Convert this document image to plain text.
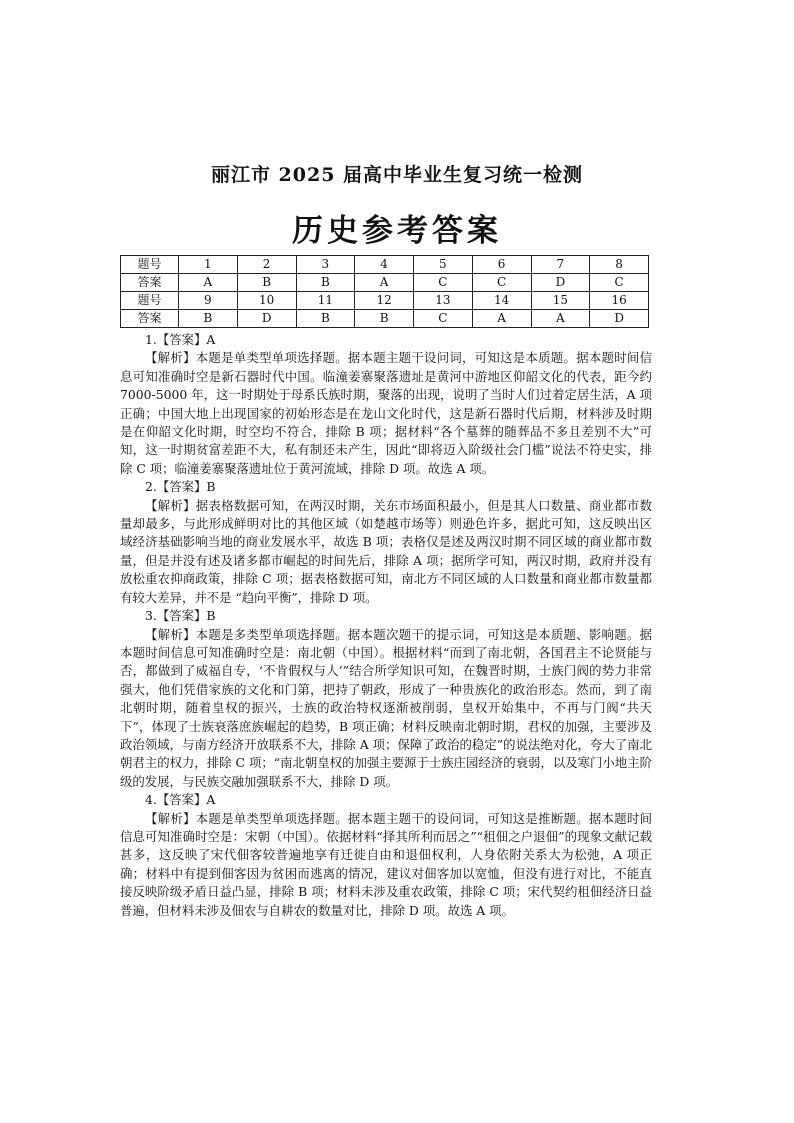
丽江市 2025 届高中毕业生复习统一检测
历史参考答案
题号	1	2	3	4	5	6	7	8
答案	A	B	B	A	C	C	D	C
题号	9	10	11	12	13	14	15	16
答案	B	D	B	B	C	A	A	D

1.【答案】A

【解析】本题是单类型单项选择题。据本题主题干设问词，可知这是本质题。据本题时间信息可知准确时空是新石器时代中国。临潼姜寨聚落遗址是黄河中游地区仰韶文化的代表，距今约 7000-5000 年，这一时期处于母系氏族时期，聚落的出现，说明了当时人们过着定居生活，A 项正确；中国大地上出现国家的初始形态是在龙山文化时代，这是新石器时代后期，材料涉及时期是在仰韶文化时期，时空均不符合，排除 B 项；据材料“各个墓葬的随葬品不多且差别不大”可知，这一时期贫富差距不大，私有制还未产生，因此“即将迈入阶级社会门槛”说法不符史实，排除 C 项；临潼姜寨聚落遗址位于黄河流域，排除 D 项。故选 A 项。

2.【答案】B

【解析】据表格数据可知，在两汉时期，关东市场面积最小，但是其人口数量、商业都市数量却最多，与此形成鲜明对比的其他区域（如楚越市场等）则逊色许多，据此可知，这反映出区域经济基础影响当地的商业发展水平，故选 B 项；表格仅是述及两汉时期不同区域的商业都市数量，但是并没有述及诸多都市崛起的时间先后，排除 A 项；据所学可知，两汉时期，政府并没有放松重农抑商政策，排除 C 项；据表格数据可知，南北方不同区域的人口数量和商业都市数量都有较大差异，并不是 “趋向平衡”，排除 D 项。

3.【答案】B

【解析】本题是多类型单项选择题。据本题次题干的提示词，可知这是本质题、影响题。据本题时间信息可知准确时空是：南北朝（中国）。根据材料“而到了南北朝，各国君主不论贤能与否，都做到了威福自专，‘不肯假权与人’”结合所学知识可知，在魏晋时期，士族门阀的势力非常强大，他们凭借家族的文化和门第，把持了朝政，形成了一种贵族化的政治形态。然而，到了南北朝时期，随着皇权的振兴，士族的政治特权逐渐被削弱，皇权开始集中，不再与门阀“共天下”，体现了士族衰落庶族崛起的趋势，B 项正确；材料反映南北朝时期，君权的加强，主要涉及政治领域，与南方经济开放联系不大，排除 A 项；保障了政治的稳定”的说法绝对化，夸大了南北朝君主的权力，排除 C 项；“南北朝皇权的加强主要源于士族庄园经济的衰弱，以及寒门小地主阶级的发展，与民族交融加强联系不大，排除 D 项。

4.【答案】A

【解析】本题是单类型单项选择题。据本题主题干的设问词，可知这是推断题。据本题时间信息可知准确时空是：宋朝（中国）。依据材料“择其所利而居之”“租佃之户退佃”的现象文献记载甚多，这反映了宋代佃客较普遍地享有迁徙自由和退佃权利，人身依附关系大为松弛，A 项正确；材料中有提到佃客因为贫困而逃离的情况，建议对佃客加以宽恤，但没有进行对比，不能直接反映阶级矛盾日益凸显，排除 B 项；材料未涉及重农政策，排除 C 项；宋代契约租佃经济日益普遍，但材料未涉及佃农与自耕农的数量对比，排除 D 项。故选 A 项。
